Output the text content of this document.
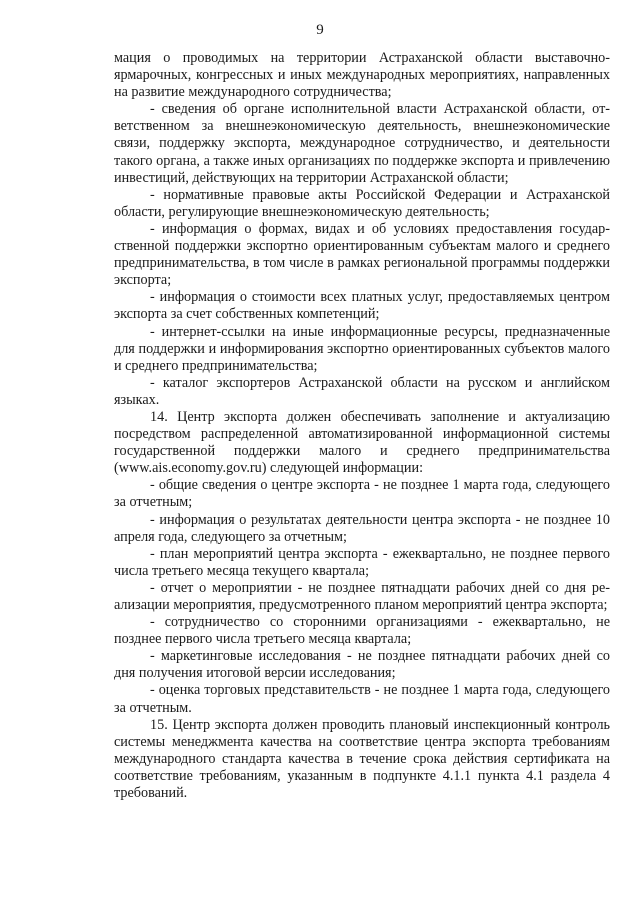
9

мация о проводимых на территории Астраханской области выставочно-ярмарочных, конгрессных и иных международных мероприятиях, направленных на развитие международного сотрудничества;

- сведения об органе исполнительной власти Астраханской области, ответственном за внешнеэкономическую деятельность, внешнеэкономические связи, поддержку экспорта, международное сотрудничество, и деятельности такого органа, а также иных организациях по поддержке экспорта и привлечению инвестиций, действующих на территории Астраханской области;

- нормативные правовые акты Российской Федерации и Астраханской области, регулирующие внешнеэкономическую деятельность;

- информация о формах, видах и об условиях предоставления государственной поддержки экспортно ориентированным субъектам малого и среднего предпринимательства, в том числе в рамках региональной программы поддержки экспорта;

- информация о стоимости всех платных услуг, предоставляемых центром экспорта за счет собственных компетенций;

- интернет-ссылки на иные информационные ресурсы, предназначенные для поддержки и информирования экспортно ориентированных субъектов малого и среднего предпринимательства;

- каталог экспортеров Астраханской области на русском и английском языках.

14. Центр экспорта должен обеспечивать заполнение и актуализацию посредством распределенной автоматизированной информационной системы государственной поддержки малого и среднего предпринимательства (www.ais.economy.gov.ru) следующей информации:

- общие сведения о центре экспорта - не позднее 1 марта года, следующего за отчетным;

- информация о результатах деятельности центра экспорта - не позднее 10 апреля года, следующего за отчетным;

- план мероприятий центра экспорта - ежеквартально, не позднее первого числа третьего месяца текущего квартала;

- отчет о мероприятии - не позднее пятнадцати рабочих дней со дня реализации мероприятия, предусмотренного планом мероприятий центра экспорта;

- сотрудничество со сторонними организациями - ежеквартально, не позднее первого числа третьего месяца квартала;

- маркетинговые исследования - не позднее пятнадцати рабочих дней со дня получения итоговой версии исследования;

- оценка торговых представительств - не позднее 1 марта года, следующего за отчетным.

15. Центр экспорта должен проводить плановый инспекционный контроль системы менеджмента качества на соответствие центра экспорта требованиям международного стандарта качества в течение срока действия сертификата на соответствие требованиям, указанным в подпункте 4.1.1 пункта 4.1 раздела 4 требований.
